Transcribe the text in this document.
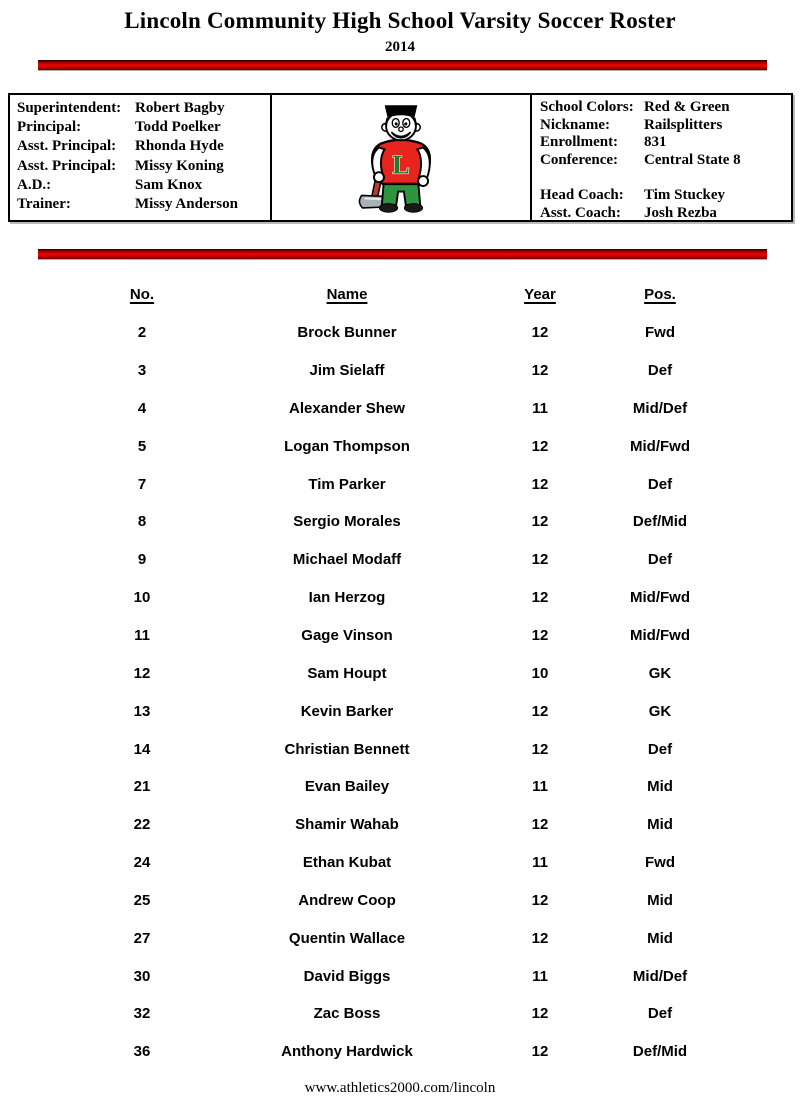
Lincoln Community High School Varsity Soccer Roster
2014
Superintendent: Robert Bagby
Principal:	Todd Poelker
Asst. Principal:	Rhonda Hyde
Asst. Principal:	Missy Koning
A.D.:	Sam Knox
Trainer:	Missy Anderson
L
School Colors: Red & Green
Nickname:	Railsplitters
Enrollment:	831
Conference:	Central State 8
Head Coach:	Tim Stuckey
Asst. Coach:	Josh Rezba
No.	Name	Year	Pos.
2	Brock Bunner	12	Fwd
3	Jim Sielaff	12	Def
4	Alexander Shew	11	Mid/Def
5	Logan Thompson	12	Mid/Fwd
7	Tim Parker	12	Def
8	Sergio Morales	12	Def/Mid
9	Michael Modaff	12	Def
10	Ian Herzog	12	Mid/Fwd
11	Gage Vinson	12	Mid/Fwd
12	Sam Houpt	10	GK
13	Kevin Barker	12	GK
14	Christian Bennett	12	Def
21	Evan Bailey	11	Mid
22	Shamir Wahab	12	Mid
24	Ethan Kubat	11	Fwd
25	Andrew Coop	12	Mid
27	Quentin Wallace	12	Mid
30	David Biggs	11	Mid/Def
32	Zac Boss	12	Def
36	Anthony Hardwick	12	Def/Mid
www.athletics2000.com/lincoln
